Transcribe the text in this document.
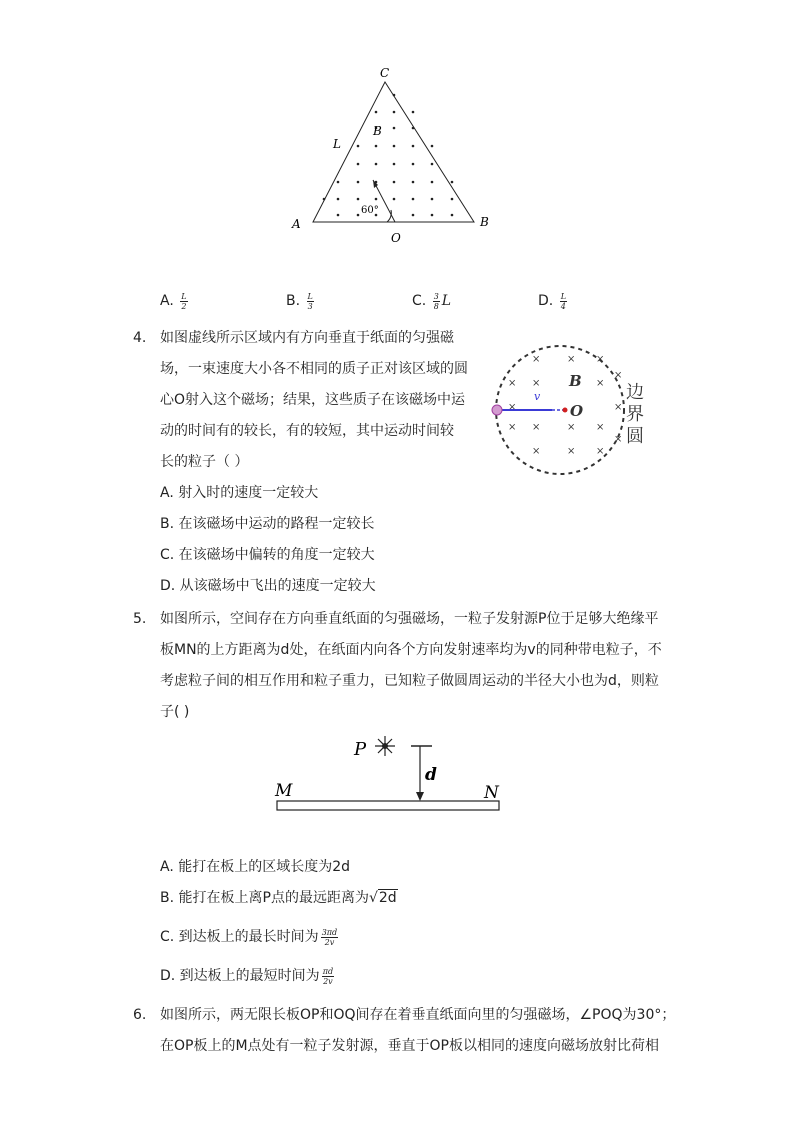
C
B
L
60°
A	B
O
A. $\frac{L}{2}$	B. $\frac{L}{3}$	C. $\frac{3}{8}$ L	D. $\frac{L}{4}$
4. 如图虚线所示区域内有方向垂直于纸面的匀强磁
场，一束速度大小各不相同的质子正对该区域的圆
心O射入这个磁场；结果，这些质子在该磁场中运
动的时间有的较长，有的较短，其中运动时间较
长的粒子（ ）
A. 射入时的速度一定较大
B. 在该磁场中运动的路程一定较长
C. 在该磁场中偏转的角度一定较大
D. 从该磁场中飞出的速度一定较大
×	× ×
× ×	×
×	× ×
×
×	× ×
×
×
×
×
v
B
O
边
界
圆
5. 如图所示，空间存在方向垂直纸面的匀强磁场，一粒子发射源P位于足够大绝缘平
板MN的上方距离为d处，在纸面内向各个方向发射速率均为v的同种带电粒子，不
考虑粒子间的相互作用和粒子重力，已知粒子做圆周运动的半径大小也为d，则粒
子( )
P
d
M	N
A. 能打在板上的区域长度为2d
B. 能打在板上离P点的最远距离为√2d
C. 到达板上的最长时间为 $\frac{3\pi d}{2v}$
D. 到达板上的最短时间为 $\frac{\pi d}{2v}$
6. 如图所示，两无限长板OP和OQ间存在着垂直纸面向里的匀强磁场，∠POQ为30°；
在OP板上的M点处有一粒子发射源，垂直于OP板以相同的速度向磁场放射比荷相
